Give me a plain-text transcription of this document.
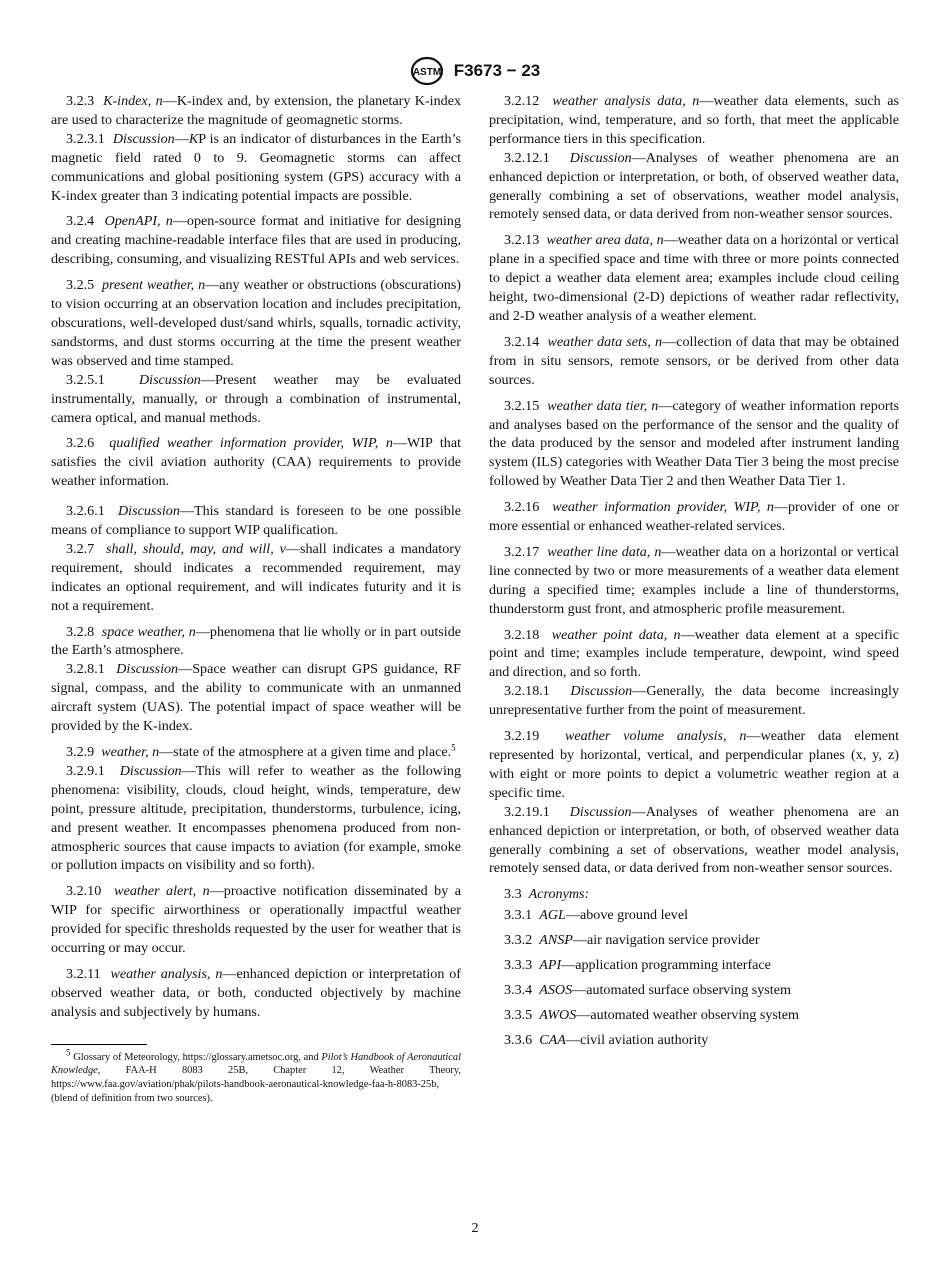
ASTM F3673 − 23

3.2.3 K-index, n—K-index and, by extension, the planetary K-index are used to characterize the magnitude of geomagnetic storms.

3.2.3.1 Discussion—KP is an indicator of disturbances in the Earth’s magnetic field rated 0 to 9. Geomagnetic storms can affect communications and global positioning system (GPS) accuracy with a K-index greater than 3 indicating potential impacts are possible.

3.2.4 OpenAPI, n—open-source format and initiative for designing and creating machine-readable interface files that are used in producing, describing, consuming, and visualizing RESTful APIs and web services.

3.2.5 present weather, n—any weather or obstructions (obscurations) to vision occurring at an observation location and includes precipitation, obscurations, well-developed dust/sand whirls, squalls, tornadic activity, sandstorms, and dust storms occurring at the time the present weather was observed and time stamped.

3.2.5.1 Discussion—Present weather may be evaluated instrumentally, manually, or through a combination of instrumental, camera optical, and manual methods.

3.2.6 qualified weather information provider, WIP, n—WIP that satisfies the civil aviation authority (CAA) requirements to provide weather information.

3.2.6.1 Discussion—This standard is foreseen to be one possible means of compliance to support WIP qualification.

3.2.7 shall, should, may, and will, v—shall indicates a mandatory requirement, should indicates a recommended requirement, may indicates an optional requirement, and will indicates futurity and it is not a requirement.

3.2.8 space weather, n—phenomena that lie wholly or in part outside the Earth’s atmosphere.

3.2.8.1 Discussion—Space weather can disrupt GPS guidance, RF signal, compass, and the ability to communicate with an unmanned aircraft system (UAS). The potential impact of space weather will be provided by the K-index.

3.2.9 weather, n—state of the atmosphere at a given time and place.$^5$

3.2.9.1 Discussion—This will refer to weather as the following phenomena: visibility, clouds, cloud height, winds, temperature, dew point, pressure altitude, precipitation, thunderstorms, turbulence, icing, and present weather. It encompasses phenomena produced from non-atmospheric sources that cause impacts to aviation (for example, smoke or pollution impacts on visibility and so forth).

3.2.10 weather alert, n—proactive notification disseminated by a WIP for specific airworthiness or operationally impactful weather provided for specific thresholds requested by the user for weather that is occurring or may occur.

3.2.11 weather analysis, n—enhanced depiction or interpretation of observed weather data, or both, conducted objectively by machine analysis and subjectively by humans.

$^5$ Glossary of Meteorology, https://glossary.ametsoc.org, and Pilot’s Handbook of Aeronautical Knowledge, FAA-H 8083 25B, Chapter 12, Weather Theory, https://www.faa.gov/aviation/phak/pilots-handbook-aeronautical-knowledge-faa-h-8083-25b, (blend of definition from two sources).

3.2.12 weather analysis data, n—weather data elements, such as precipitation, wind, temperature, and so forth, that meet the applicable performance tiers in this specification.

3.2.12.1 Discussion—Analyses of weather phenomena are an enhanced depiction or interpretation, or both, of observed weather data, generally combining a set of observations, weather model analysis, remotely sensed data, or data derived from non-weather sensor sources.

3.2.13 weather area data, n—weather data on a horizontal or vertical plane in a specified space and time with three or more points connected to depict a weather data element area; examples include cloud ceiling height, two-dimensional (2-D) depictions of weather radar reflectivity, and 2-D weather analysis of a weather element.

3.2.14 weather data sets, n—collection of data that may be obtained from in situ sensors, remote sensors, or be derived from other data sources.

3.2.15 weather data tier, n—category of weather information reports and analyses based on the performance of the sensor and the quality of the data produced by the sensor and modeled after instrument landing system (ILS) categories with Weather Data Tier 3 being the most precise followed by Weather Data Tier 2 and then Weather Data Tier 1.

3.2.16 weather information provider, WIP, n—provider of one or more essential or enhanced weather-related services.

3.2.17 weather line data, n—weather data on a horizontal or vertical line connected by two or more measurements of a weather data element during a specified time; examples include a line of thunderstorms, thunderstorm gust front, and atmospheric profile measurement.

3.2.18 weather point data, n—weather data element at a specific point and time; examples include temperature, dewpoint, wind speed and direction, and so forth.

3.2.18.1 Discussion—Generally, the data become increasingly unrepresentative further from the point of measurement.

3.2.19 weather volume analysis, n—weather data element represented by horizontal, vertical, and perpendicular planes (x, y, z) with eight or more points to depict a volumetric weather region at a specific time.

3.2.19.1 Discussion—Analyses of weather phenomena are an enhanced depiction or interpretation, or both, of observed weather data generally combining a set of observations, weather model analysis, remotely sensed data, or data derived from non-weather sensor sources.

3.3 Acronyms:

3.3.1 AGL—above ground level

3.3.2 ANSP—air navigation service provider

3.3.3 API—application programming interface

3.3.4 ASOS—automated surface observing system

3.3.5 AWOS—automated weather observing system

3.3.6 CAA—civil aviation authority

2
